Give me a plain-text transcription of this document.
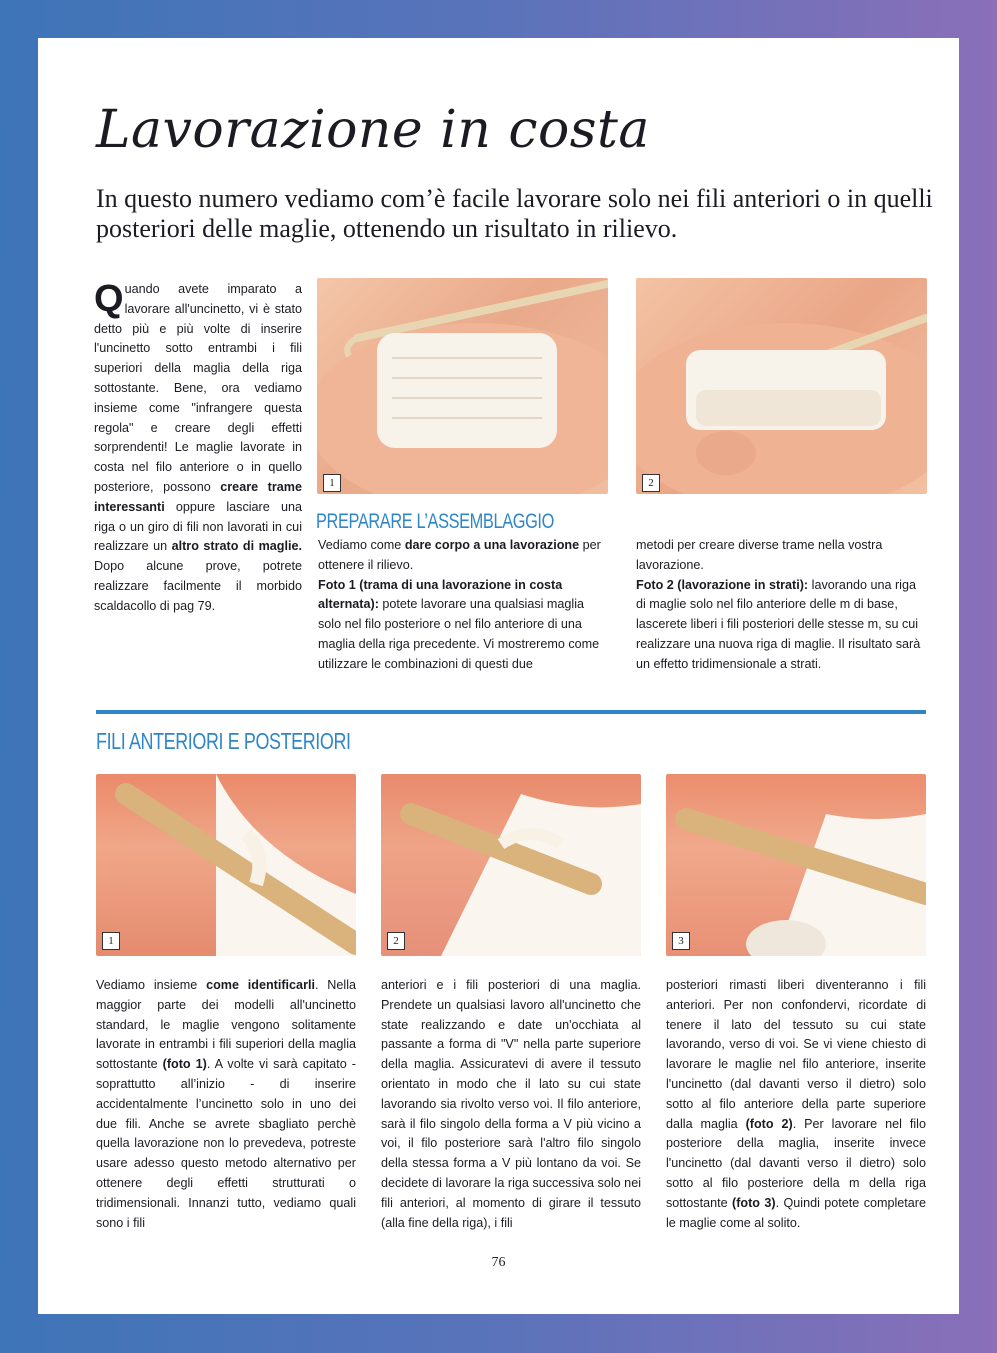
Lavorazione in costa

In questo numero vediamo com’è facile lavorare solo nei fili anteriori o in quelli posteriori delle maglie, ottenendo un risultato in rilievo.

Quando avete imparato a lavorare all'uncinetto, vi è stato detto più e più volte di inserire l'uncinetto sotto entrambi i fili superiori della maglia della riga sottostante. Bene, ora vediamo insieme come "infrangere questa regola" e creare degli effetti sorprendenti! Le maglie lavorate in costa nel filo anteriore o in quello posteriore, possono creare trame interessanti oppure lasciare una riga o un giro di fili non lavorati in cui realizzare un altro strato di maglie. Dopo alcune prove, potrete realizzare facilmente il morbido scaldacollo di pag 79.

1	2
PREPARARE L’ASSEMBLAGGIO

Vediamo come dare corpo a una lavorazione per ottenere il rilievo.
Foto 1 (trama di una lavorazione in costa alternata): potete lavorare una qualsiasi maglia solo nel filo posteriore o nel filo anteriore di una maglia della riga precedente. Vi mostreremo come utilizzare le combinazioni di questi due

metodi per creare diverse trame nella vostra lavorazione.
Foto 2 (lavorazione in strati): lavorando una riga di maglie solo nel filo anteriore delle m di base, lascerete liberi i fili posteriori delle stesse m, su cui realizzare una nuova riga di maglie. Il risultato sarà un effetto tridimensionale a strati.

FILI ANTERIORI E POSTERIORI
1	2	3

Vediamo insieme come identificarli. Nella maggior parte dei modelli all'uncinetto standard, le maglie vengono solitamente lavorate in entrambi i fili superiori della maglia sottostante (foto 1). A volte vi sarà capitato - soprattutto all’inizio - di inserire accidentalmente l’uncinetto solo in uno dei due fili. Anche se avrete sbagliato perchè quella lavorazione non lo prevedeva, potreste usare adesso questo metodo alternativo per ottenere degli effetti strutturati o tridimensionali. Innanzi tutto, vediamo quali sono i fili

anteriori e i fili posteriori di una maglia. Prendete un qualsiasi lavoro all'uncinetto che state realizzando e date un'occhiata al passante a forma di "V" nella parte superiore della maglia. Assicuratevi di avere il tessuto orientato in modo che il lato su cui state lavorando sia rivolto verso voi. Il filo anteriore, sarà il filo singolo della forma a V più vicino a voi, il filo posteriore sarà l'altro filo singolo della stessa forma a V più lontano da voi. Se decidete di lavorare la riga successiva solo nei fili anteriori, al momento di girare il tessuto (alla fine della riga), i fili

posteriori rimasti liberi diventeranno i fili anteriori. Per non confondervi, ricordate di tenere il lato del tessuto su cui state lavorando, verso di voi. Se vi viene chiesto di lavorare le maglie nel filo anteriore, inserite l'uncinetto (dal davanti verso il dietro) solo sotto al filo anteriore della parte superiore dalla maglia (foto 2). Per lavorare nel filo posteriore della maglia, inserite invece l'uncinetto (dal davanti verso il dietro) solo sotto al filo posteriore della m della riga sottostante (foto 3). Quindi potete completare le maglie come al solito.

76
